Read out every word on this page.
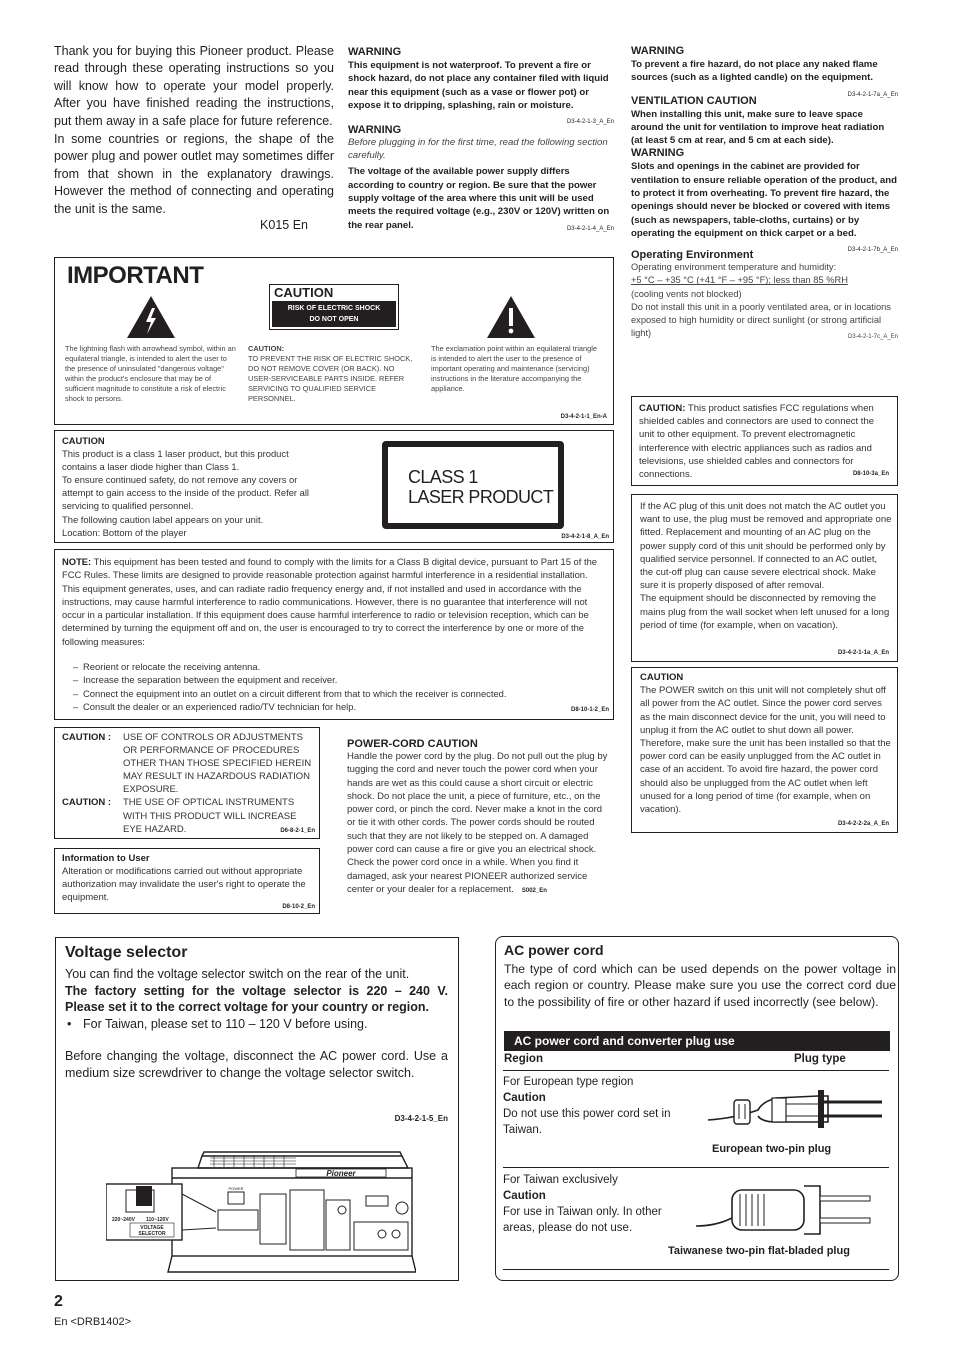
Thank you for buying this Pioneer product. Please read through these operating instructions so you will know how to operate your model properly. After you have finished reading the instructions, put them away in a safe place for future reference.

In some countries or regions, the shape of the power plug and power outlet may sometimes differ from that shown in the explanatory drawings. However the method of connecting and operating the unit is the same.

K015 En
WARNING
This equipment is not waterproof. To prevent a fire or shock hazard, do not place any container filed with liquid near this equipment (such as a vase or flower pot) or expose it to dripping, splashing, rain or moisture.
D3-4-2-1-3_A_En
WARNING
Before plugging in for the first time, read the following section carefully.
The voltage of the available power supply differs according to country or region. Be sure that the power supply voltage of the area where this unit will be used meets the required voltage (e.g., 230V or 120V) written on the rear panel.	D3-4-2-1-4_A_En
WARNING
To prevent a fire hazard, do not place any naked flame sources (such as a lighted candle) on the equipment.
D3-4-2-1-7a_A_En
VENTILATION CAUTION
When installing this unit, make sure to leave space around the unit for ventilation to improve heat radiation (at least 5 cm at rear, and 5 cm at each side).
WARNING
Slots and openings in the cabinet are provided for ventilation to ensure reliable operation of the product, and to protect it from overheating. To prevent fire hazard, the openings should never be blocked or covered with items (such as newspapers, table-cloths, curtains) or by operating the equipment on thick carpet or a bed.
D3-4-2-1-7b_A_En
Operating Environment
Operating environment temperature and humidity:
+5 °C – +35 °C (+41 °F – +95 °F); less than 85 %RH
(cooling vents not blocked)
Do not install this unit in a poorly ventilated area, or in locations exposed to high humidity or direct sunlight (or strong artificial light)	D3-4-2-1-7c_A_En
IMPORTANT
CAUTION
RISK OF ELECTRIC SHOCK
DO NOT OPEN
The lightning flash with arrowhead symbol, within an equilateral triangle, is intended to alert the user to the presence of uninsulated "dangerous voltage" within the product's enclosure that may be of sufficient magnitude to constitute a risk of electric shock to persons.
CAUTION:
TO PREVENT THE RISK OF ELECTRIC SHOCK, DO NOT REMOVE COVER (OR BACK). NO USER-SERVICEABLE PARTS INSIDE. REFER SERVICING TO QUALIFIED SERVICE PERSONNEL.
The exclamation point within an equilateral triangle is intended to alert the user to the presence of important operating and maintenance (servicing) instructions in the literature accompanying the appliance.
D3-4-2-1-1_En-A
CAUTION
This product is a class 1 laser product, but this product contains a laser diode higher than Class 1.
To ensure continued safety, do not remove any covers or attempt to gain access to the inside of the product. Refer all servicing to qualified personnel.
The following caution label appears on your unit.
Location: Bottom of the player
CLASS 1
LASER PRODUCT
D3-4-2-1-8_A_En
NOTE: This equipment has been tested and found to comply with the limits for a Class B digital device, pursuant to Part 15 of the FCC Rules. These limits are designed to provide reasonable protection against harmful interference in a residential installation. This equipment generates, uses, and can radiate radio frequency energy and, if not installed and used in accordance with the instructions, may cause harmful interference to radio communications. However, there is no guarantee that interference will not occur in a particular installation. If this equipment does cause harmful interference to radio or television reception, which can be determined by turning the equipment off and on, the user is encouraged to try to correct the interference by one or more of the following measures:
– Reorient or relocate the receiving antenna.
– Increase the separation between the equipment and receiver.
– Connect the equipment into an outlet on a circuit different from that to which the receiver is connected.
– Consult the dealer or an experienced radio/TV technician for help.	D8-10-1-2_En
CAUTION :	USE OF CONTROLS OR ADJUSTMENTS OR PERFORMANCE OF PROCEDURES OTHER THAN THOSE SPECIFIED HEREIN MAY RESULT IN HAZARDOUS RADIATION EXPOSURE.
CAUTION :	THE USE OF OPTICAL INSTRUMENTS WITH THIS PRODUCT WILL INCREASE EYE HAZARD.	D6-8-2-1_En
Information to User
Alteration or modifications carried out without appropriate authorization may invalidate the user's right to operate the equipment.
D8-10-2_En
POWER-CORD CAUTION
Handle the power cord by the plug. Do not pull out the plug by tugging the cord and never touch the power cord when your hands are wet as this could cause a short circuit or electric shock. Do not place the unit, a piece of furniture, etc., on the power cord, or pinch the cord. Never make a knot in the cord or tie it with other cords. The power cords should be routed such that they are not likely to be stepped on. A damaged power cord can cause a fire or give you an electrical shock. Check the power cord once in a while. When you find it damaged, ask your nearest PIONEER authorized service center or your dealer for a replacement. S002_En
CAUTION: This product satisfies FCC regulations when shielded cables and connectors are used to connect the unit to other equipment. To prevent electromagnetic interference with electric appliances such as radios and televisions, use shielded cables and connectors for connections.	D8-10-3a_En
If the AC plug of this unit does not match the AC outlet you want to use, the plug must be removed and appropriate one fitted. Replacement and mounting of an AC plug on the power supply cord of this unit should be performed only by qualified service personnel. If connected to an AC outlet, the cut-off plug can cause severe electrical shock. Make sure it is properly disposed of after removal.
The equipment should be disconnected by removing the mains plug from the wall socket when left unused for a long period of time (for example, when on vacation).
D3-4-2-1-1a_A_En
CAUTION
The POWER switch on this unit will not completely shut off all power from the AC outlet. Since the power cord serves as the main disconnect device for the unit, you will need to unplug it from the AC outlet to shut down all power. Therefore, make sure the unit has been installed so that the power cord can be easily unplugged from the AC outlet in case of an accident. To avoid fire hazard, the power cord should also be unplugged from the AC outlet when left unused for a long period of time (for example, when on vacation).
D3-4-2-2-2a_A_En
Voltage selector
You can find the voltage selector switch on the rear of the unit.
The factory setting for the voltage selector is 220 – 240 V. Please set it to the correct voltage for your country or region.
• For Taiwan, please set to 110 – 120 V before using.
Before changing the voltage, disconnect the AC power cord. Use a medium size screwdriver to change the voltage selector switch.
D3-4-2-1-5_En
Pioneer
POWER
220~240V 110~120V
VOLTAGE
SELECTOR
AC power cord
The type of cord which can be used depends on the power voltage in each region or country. Please make sure you use the correct cord due to the possibility of fire or other hazard if used incorrectly (see below).
AC power cord and converter plug use
Region	Plug type
For European type region
Caution
Do not use this power cord set in Taiwan.
European two-pin plug
For Taiwan exclusively
Caution
For use in Taiwan only. In other areas, please do not use.
Taiwanese two-pin flat-bladed plug
2
En <DRB1402>
